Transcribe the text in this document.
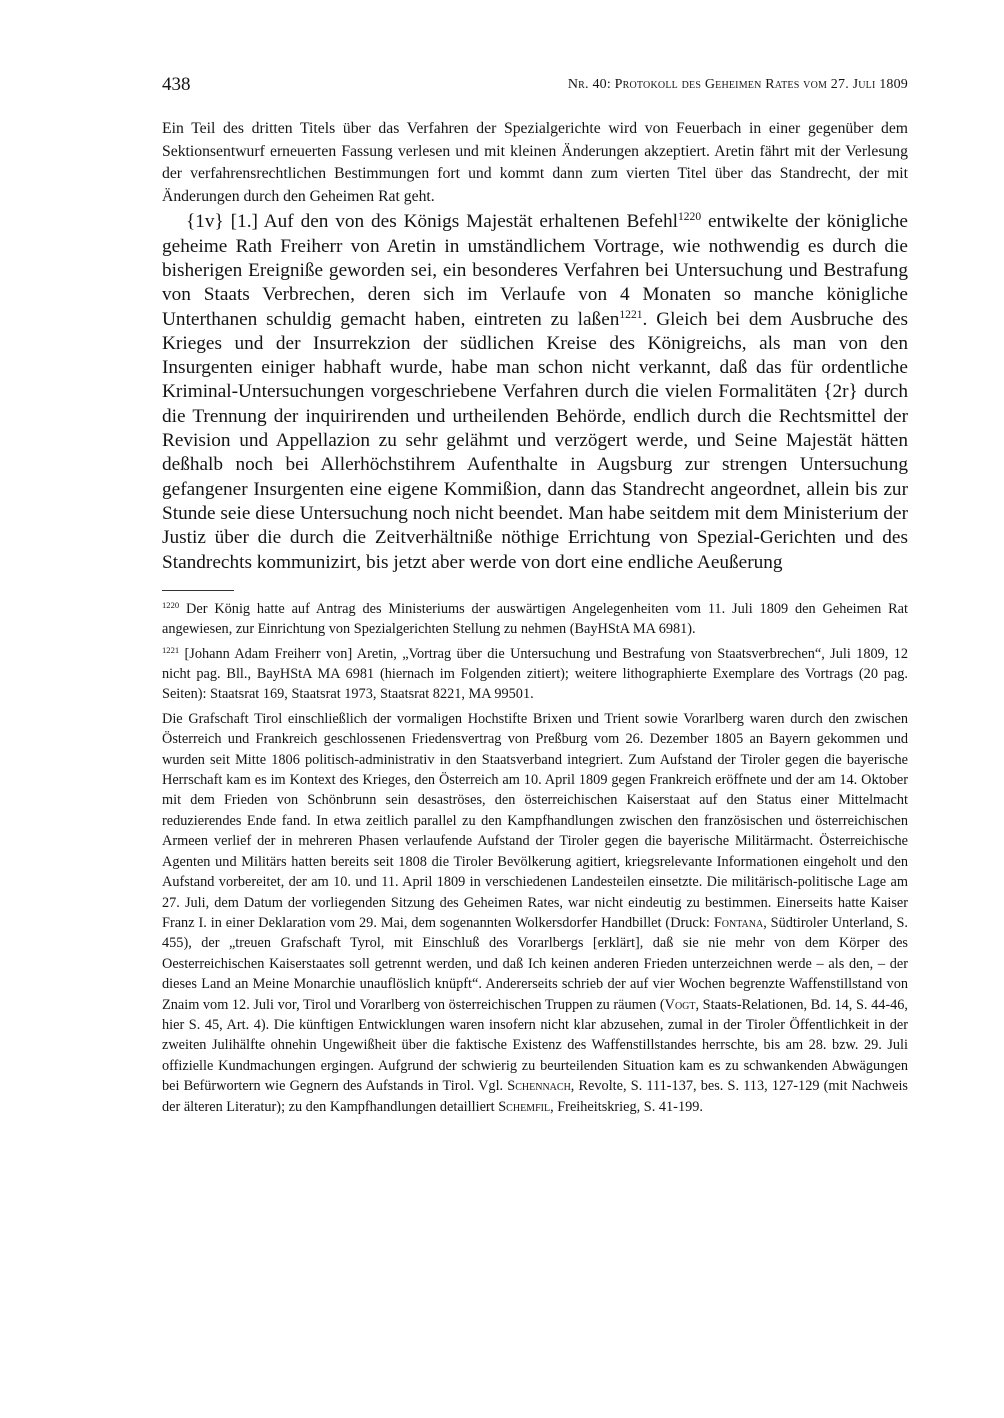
438	Nr. 40: Protokoll des Geheimen Rates vom 27. Juli 1809

Ein Teil des dritten Titels über das Verfahren der Spezialgerichte wird von Feuerbach in einer gegenüber dem Sektionsentwurf erneuerten Fassung verlesen und mit kleinen Änderungen akzeptiert. Aretin fährt mit der Verlesung der verfahrensrechtlichen Bestimmungen fort und kommt dann zum vierten Titel über das Standrecht, der mit Änderungen durch den Geheimen Rat geht.

{1v} [1.] Auf den von des Königs Majestät erhaltenen Befehl$^{1220}$ entwikelte der königliche geheime Rath Freiherr von Aretin in umständlichem Vortrage, wie nothwendig es durch die bisherigen Ereigniße geworden sei, ein besonderes Verfahren bei Untersuchung und Bestrafung von Staats Verbrechen, deren sich im Verlaufe von 4 Monaten so manche königliche Unterthanen schuldig gemacht haben, eintreten zu laßen$^{1221}$. Gleich bei dem Ausbruche des Krieges und der Insurrekzion der südlichen Kreise des Königreichs, als man von den Insurgenten einiger habhaft wurde, habe man schon nicht verkannt, daß das für ordentliche Kriminal-Untersuchungen vorgeschriebene Verfahren durch die vielen Formalitäten {2r} durch die Trennung der inquirirenden und urtheilenden Behörde, endlich durch die Rechtsmittel der Revision und Appellazion zu sehr gelähmt und verzögert werde, und Seine Majestät hätten deßhalb noch bei Allerhöchstihrem Aufenthalte in Augsburg zur strengen Untersuchung gefangener Insurgenten eine eigene Kommißion, dann das Standrecht angeordnet, allein bis zur Stunde seie diese Untersuchung noch nicht beendet. Man habe seitdem mit dem Ministerium der Justiz über die durch die Zeitverhältniße nöthige Errichtung von Spezial-Gerichten und des Standrechts kommunizirt, bis jetzt aber werde von dort eine endliche Aeußerung

$^{1220}$ Der König hatte auf Antrag des Ministeriums der auswärtigen Angelegenheiten vom 11. Juli 1809 den Geheimen Rat angewiesen, zur Einrichtung von Spezialgerichten Stellung zu nehmen (BayHStA MA 6981).

$^{1221}$ [Johann Adam Freiherr von] Aretin, „Vortrag über die Untersuchung und Bestrafung von Staatsverbrechen“, Juli 1809, 12 nicht pag. Bll., BayHStA MA 6981 (hiernach im Folgenden zitiert); weitere lithographierte Exemplare des Vortrags (20 pag. Seiten): Staatsrat 169, Staatsrat 1973, Staatsrat 8221, MA 99501.

Die Grafschaft Tirol einschließlich der vormaligen Hochstifte Brixen und Trient sowie Vorarlberg waren durch den zwischen Österreich und Frankreich geschlossenen Friedensvertrag von Preßburg vom 26. Dezember 1805 an Bayern gekommen und wurden seit Mitte 1806 politisch-administrativ in den Staatsverband integriert. Zum Aufstand der Tiroler gegen die bayerische Herrschaft kam es im Kontext des Krieges, den Österreich am 10. April 1809 gegen Frankreich eröffnete und der am 14. Oktober mit dem Frieden von Schönbrunn sein desaströses, den österreichischen Kaiserstaat auf den Status einer Mittelmacht reduzierendes Ende fand. In etwa zeitlich parallel zu den Kampfhandlungen zwischen den französischen und österreichischen Armeen verlief der in mehreren Phasen verlaufende Aufstand der Tiroler gegen die bayerische Militärmacht. Österreichische Agenten und Militärs hatten bereits seit 1808 die Tiroler Bevölkerung agitiert, kriegsrelevante Informationen eingeholt und den Aufstand vorbereitet, der am 10. und 11. April 1809 in verschiedenen Landesteilen einsetzte. Die militärisch-politische Lage am 27. Juli, dem Datum der vorliegenden Sitzung des Geheimen Rates, war nicht eindeutig zu bestimmen. Einerseits hatte Kaiser Franz I. in einer Deklaration vom 29. Mai, dem sogenannten Wolkersdorfer Handbillet (Druck: Fontana, Südtiroler Unterland, S. 455), der „treuen Grafschaft Tyrol, mit Einschluß des Vorarlbergs [erklärt], daß sie nie mehr von dem Körper des Oesterreichischen Kaiserstaates soll getrennt werden, und daß Ich keinen anderen Frieden unterzeichnen werde – als den, – der dieses Land an Meine Monarchie unauflöslich knüpft“. Andererseits schrieb der auf vier Wochen begrenzte Waffenstillstand von Znaim vom 12. Juli vor, Tirol und Vorarlberg von österreichischen Truppen zu räumen (Vogt, Staats-Relationen, Bd. 14, S. 44-46, hier S. 45, Art. 4). Die künftigen Entwicklungen waren insofern nicht klar abzusehen, zumal in der Tiroler Öffentlichkeit in der zweiten Julihälfte ohnehin Ungewißheit über die faktische Existenz des Waffenstillstandes herrschte, bis am 28. bzw. 29. Juli offizielle Kundmachungen ergingen. Aufgrund der schwierig zu beurteilenden Situation kam es zu schwankenden Abwägungen bei Befürwortern wie Gegnern des Aufstands in Tirol. Vgl. Schennach, Revolte, S. 111-137, bes. S. 113, 127-129 (mit Nachweis der älteren Literatur); zu den Kampfhandlungen detailliert Schemfil, Freiheitskrieg, S. 41-199.
